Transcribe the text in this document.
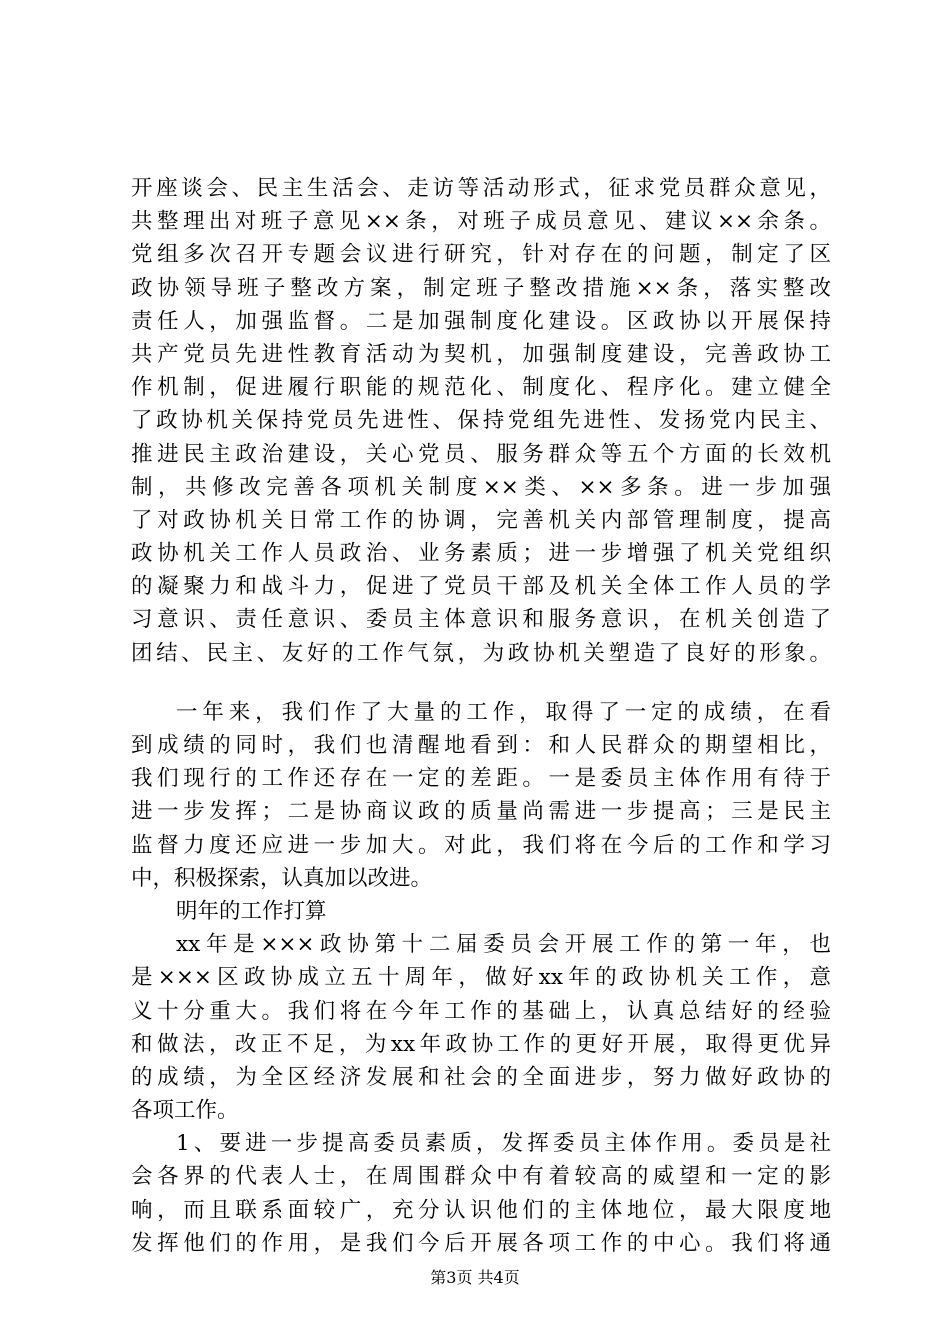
开座谈会、民主生活会、走访等活动形式，征求党员群众意见，
共整理出对班子意见××条，对班子成员意见、建议××余条。
党组多次召开专题会议进行研究，针对存在的问题，制定了区
政协领导班子整改方案，制定班子整改措施××条，落实整改
责任人，加强监督。二是加强制度化建设。区政协以开展保持
共产党员先进性教育活动为契机，加强制度建设，完善政协工
作机制，促进履行职能的规范化、制度化、程序化。建立健全
了政协机关保持党员先进性、保持党组先进性、发扬党内民主、
推进民主政治建设，关心党员、服务群众等五个方面的长效机
制，共修改完善各项机关制度××类、××多条。进一步加强
了对政协机关日常工作的协调，完善机关内部管理制度，提高
政协机关工作人员政治、业务素质；进一步增强了机关党组织
的凝聚力和战斗力，促进了党员干部及机关全体工作人员的学
习意识、责任意识、委员主体意识和服务意识，在机关创造了
团结、民主、友好的工作气氛，为政协机关塑造了良好的形象。
一年来，我们作了大量的工作，取得了一定的成绩，在看
到成绩的同时，我们也清醒地看到：和人民群众的期望相比，
我们现行的工作还存在一定的差距。一是委员主体作用有待于
进一步发挥；二是协商议政的质量尚需进一步提高；三是民主
监督力度还应进一步加大。对此，我们将在今后的工作和学习
中，积极探索，认真加以改进。
明年的工作打算
xx年是×××政协第十二届委员会开展工作的第一年，也
是×××区政协成立五十周年，做好xx年的政协机关工作，意
义十分重大。我们将在今年工作的基础上，认真总结好的经验
和做法，改正不足，为xx年政协工作的更好开展，取得更优异
的成绩，为全区经济发展和社会的全面进步，努力做好政协的
各项工作。
1、要进一步提高委员素质，发挥委员主体作用。委员是社
会各界的代表人士，在周围群众中有着较高的威望和一定的影
响，而且联系面较广，充分认识他们的主体地位，最大限度地
发挥他们的作用，是我们今后开展各项工作的中心。我们将通
第3页 共4页
